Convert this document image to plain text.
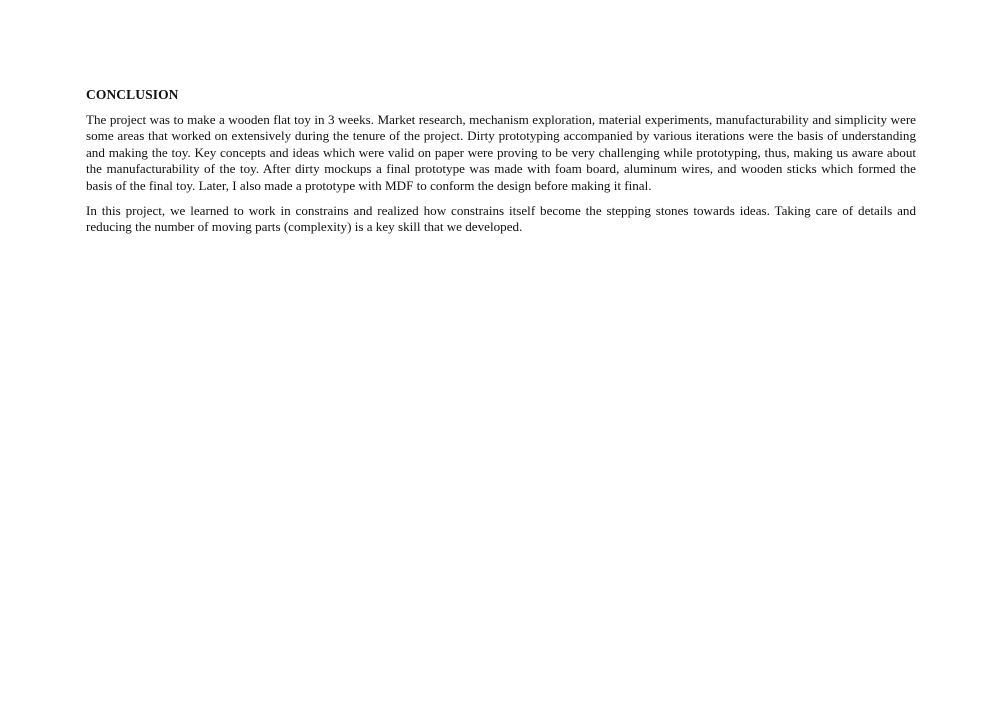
CONCLUSION

The project was to make a wooden flat toy in 3 weeks. Market research, mechanism exploration, material experiments, manufacturability and simplicity were some areas that worked on extensively during the tenure of the project. Dirty prototyping accompanied by various iterations were the basis of understanding and making the toy. Key concepts and ideas which were valid on paper were proving to be very challenging while prototyping, thus, making us aware about the manufacturability of the toy. After dirty mockups a final prototype was made with foam board, aluminum wires, and wooden sticks which formed the basis of the final toy. Later, I also made a prototype with MDF to conform the design before making it final.

In this project, we learned to work in constrains and realized how constrains itself become the stepping stones towards ideas. Taking care of details and reducing the number of moving parts (complexity) is a key skill that we developed.
